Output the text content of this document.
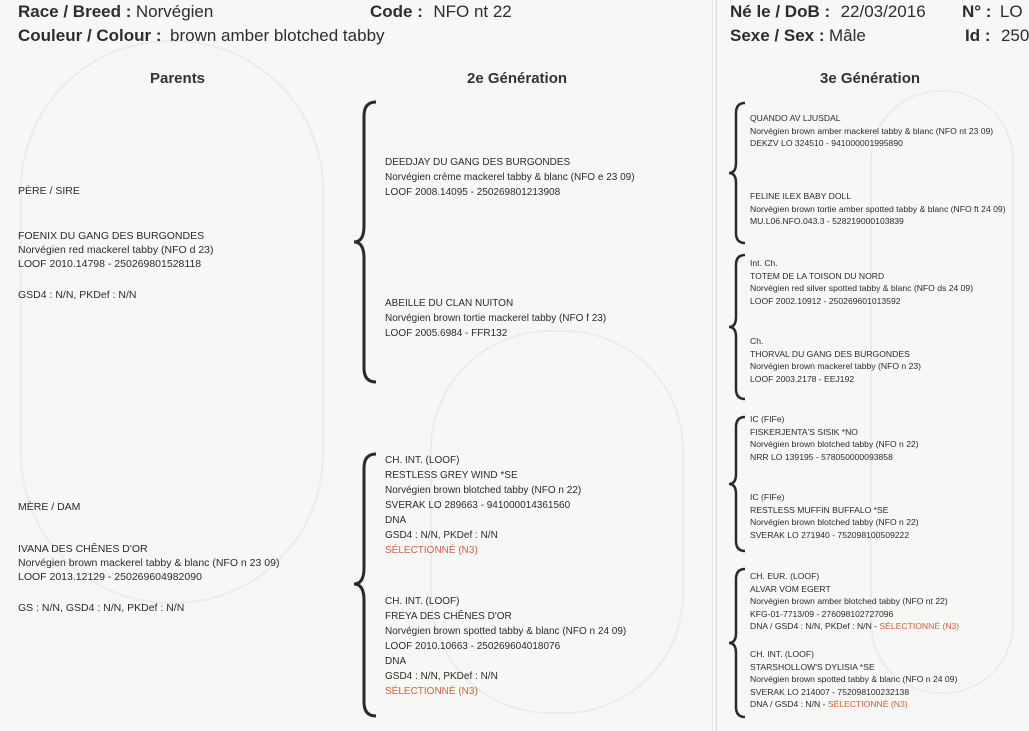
Race / Breed : Norvégien
Couleur / Colour : brown amber blotched tabby
Code : NFO nt 22	Né le / DoB : 22/03/2016
Sexe / Sex : Mâle
N° : LO
Id : 250
Parents	2e Génération	3e Génération
PÈRE / SIRE
FOENIX DU GANG DES BURGONDES
Norvégien red mackerel tabby (NFO d 23)
LOOF 2010.14798 - 250269801528118
GSD4 : N/N, PKDef : N/N
MÈRE / DAM
IVANA DES CHÊNES D'OR
Norvégien brown mackerel tabby & blanc (NFO n 23 09)
LOOF 2013.12129 - 250269604982090
GS : N/N, GSD4 : N/N, PKDef : N/N
DEEDJAY DU GANG DES BURGONDES
Norvégien crème mackerel tabby & blanc (NFO e 23 09)
LOOF 2008.14095 - 250269801213908
ABEILLE DU CLAN NUITON
Norvégien brown tortie mackerel tabby (NFO f 23)
LOOF 2005.6984 - FFR132
CH. INT. (LOOF)
RESTLESS GREY WIND *SE
Norvégien brown blotched tabby (NFO n 22)
SVERAK LO 289663 - 941000014361560
DNA
GSD4 : N/N, PKDef : N/N
SÉLECTIONNÉ (N3)
CH. INT. (LOOF)
FREYA DES CHÊNES D'OR
Norvégien brown spotted tabby & blanc (NFO n 24 09)
LOOF 2010.10663 - 250269604018076
DNA
GSD4 : N/N, PKDef : N/N
SÉLECTIONNÉ (N3)
QUANDO AV LJUSDAL
Norvégien brown amber mackerel tabby & blanc (NFO nt 23 09)
DEKZV LO 324510 - 941000001995890
FELINE ILEX BABY DOLL
Norvégien brown tortie amber spotted tabby & blanc (NFO ft 24 09)
MU.L06.NFO.043.3 - 528219000103839
Int. Ch.
TOTEM DE LA TOISON DU NORD
Norvégien red silver spotted tabby & blanc (NFO ds 24 09)
LOOF 2002.10912 - 250269601013592
Ch.
THORVAL DU GANG DES BURGONDES
Norvégien brown mackerel tabby (NFO n 23)
LOOF 2003.2178 - EEJ192
IC (FIFe)
FISKERJENTA'S SISIK *NO
Norvégien brown blotched tabby (NFO n 22)
NRR LO 139195 - 578050000093858
IC (FIFe)
RESTLESS MUFFIN BUFFALO *SE
Norvégien brown blotched tabby (NFO n 22)
SVERAK LO 271940 - 752098100509222
CH. EUR. (LOOF)
ALVAR VOM EGERT
Norvégien brown amber blotched tabby (NFO nt 22)
KFG-01-7713/09 - 276098102727096
DNA / GSD4 : N/N, PKDef : N/N - SÉLECTIONNÉ (N3)
CH. INT. (LOOF)
STARSHOLLOW'S DYLISIA *SE
Norvégien brown spotted tabby & blanc (NFO n 24 09)
SVERAK LO 214007 - 752098100232138
DNA / GSD4 : N/N - SÉLECTIONNÉ (N3)
